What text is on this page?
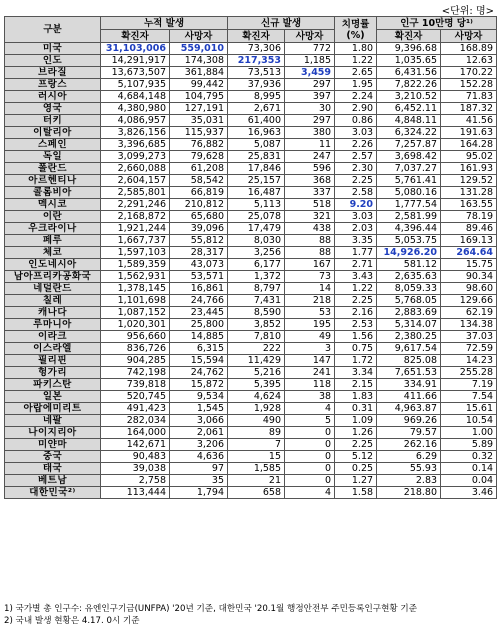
<단위: 명>
구분	누적 발생		신규 발생		치명률 (%)	인구 10만명 당¹⁾	
	확진자	사망자	확진자	사망자		확진자	사망자
미국	31,103,006	559,010	73,306	772	1.80	9,396.68	168.89
인도	14,291,917	174,308	217,353	1,185	1.22	1,035.65	12.63
브라질	13,673,507	361,884	73,513	3,459	2.65	6,431.56	170.22
프랑스	5,107,935	99,442	37,936	297	1.95	7,822.26	152.28
러시아	4,684,148	104,795	8,995	397	2.24	3,210.52	71.83
영국	4,380,980	127,191	2,671	30	2.90	6,452.11	187.32
터키	4,086,957	35,031	61,400	297	0.86	4,848.11	41.56
이탈리아	3,826,156	115,937	16,963	380	3.03	6,324.22	191.63
스페인	3,396,685	76,882	5,087	11	2.26	7,257.87	164.28
독일	3,099,273	79,628	25,831	247	2.57	3,698.42	95.02
폴란드	2,660,088	61,208	17,846	596	2.30	7,037.27	161.93
아르헨티나	2,604,157	58,542	25,157	368	2.25	5,761.41	129.52
콜롬비아	2,585,801	66,819	16,487	337	2.58	5,080.16	131.28
멕시코	2,291,246	210,812	5,113	518	9.20	1,777.54	163.55
이란	2,168,872	65,680	25,078	321	3.03	2,581.99	78.19
우크라이나	1,921,244	39,096	17,479	438	2.03	4,396.44	89.46
페루	1,667,737	55,812	8,030	88	3.35	5,053.75	169.13
체코	1,597,103	28,317	3,256	88	1.77	14,926.20	264.64
인도네시아	1,589,359	43,073	6,177	167	2.71	581.12	15.75
남아프리카공화국	1,562,931	53,571	1,372	73	3.43	2,635.63	90.34
네덜란드	1,378,145	16,861	8,797	14	1.22	8,059.33	98.60
칠레	1,101,698	24,766	7,431	218	2.25	5,768.05	129.66
캐나다	1,087,152	23,445	8,590	53	2.16	2,883.69	62.19
루마니아	1,020,301	25,800	3,852	195	2.53	5,314.07	134.38
이라크	956,660	14,885	7,810	49	1.56	2,380.25	37.03
이스라엘	836,726	6,315	222	3	0.75	9,617.54	72.59
필리핀	904,285	15,594	11,429	147	1.72	825.08	14.23
헝가리	742,198	24,762	5,216	241	3.34	7,651.53	255.28
파키스탄	739,818	15,872	5,395	118	2.15	334.91	7.19
일본	520,745	9,534	4,624	38	1.83	411.66	7.54
아랍에미리트	491,423	1,545	1,928	4	0.31	4,963.87	15.61
네팔	282,034	3,066	490	5	1.09	969.26	10.54
나이지리아	164,000	2,061	89	0	1.26	79.57	1.00
미얀마	142,671	3,206	7	0	2.25	262.16	5.89
중국	90,483	4,636	15	0	5.12	6.29	0.32
태국	39,038	97	1,585	0	0.25	55.93	0.14
베트남	2,758	35	21	0	1.27	2.83	0.04
대한민국²⁾	113,444	1,794	658	4	1.58	218.80	3.46
1) 국가별 총 인구수: 유엔인구기금(UNFPA) '20년 기준, 대한민국 '20.1월 행정안전부 주민등록인구현황 기준
2) 국내 발생 현황은 4.17. 0시 기준
